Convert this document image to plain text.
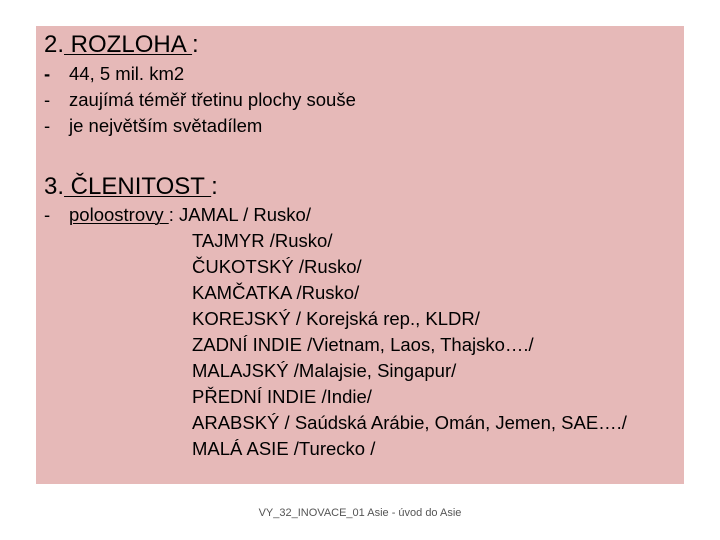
2. ROZLOHA :
- 44, 5 mil. km2
- zaujímá téměř třetinu plochy souše
- je největším světadílem
3. ČLENITOST :
- poloostrovy : JAMAL / Rusko/
TAJMYR /Rusko/
ČUKOTSKÝ /Rusko/
KAMČATKA /Rusko/
KOREJSKÝ / Korejská rep., KLDR/
ZADNÍ INDIE /Vietnam, Laos, Thajsko…./
MALAJSKÝ /Malajsie, Singapur/
PŘEDNÍ INDIE /Indie/
ARABSKÝ / Saúdská Arábie, Omán, Jemen, SAE…./
MALÁ ASIE /Turecko /
VY_32_INOVACE_01 Asie - úvod do Asie
